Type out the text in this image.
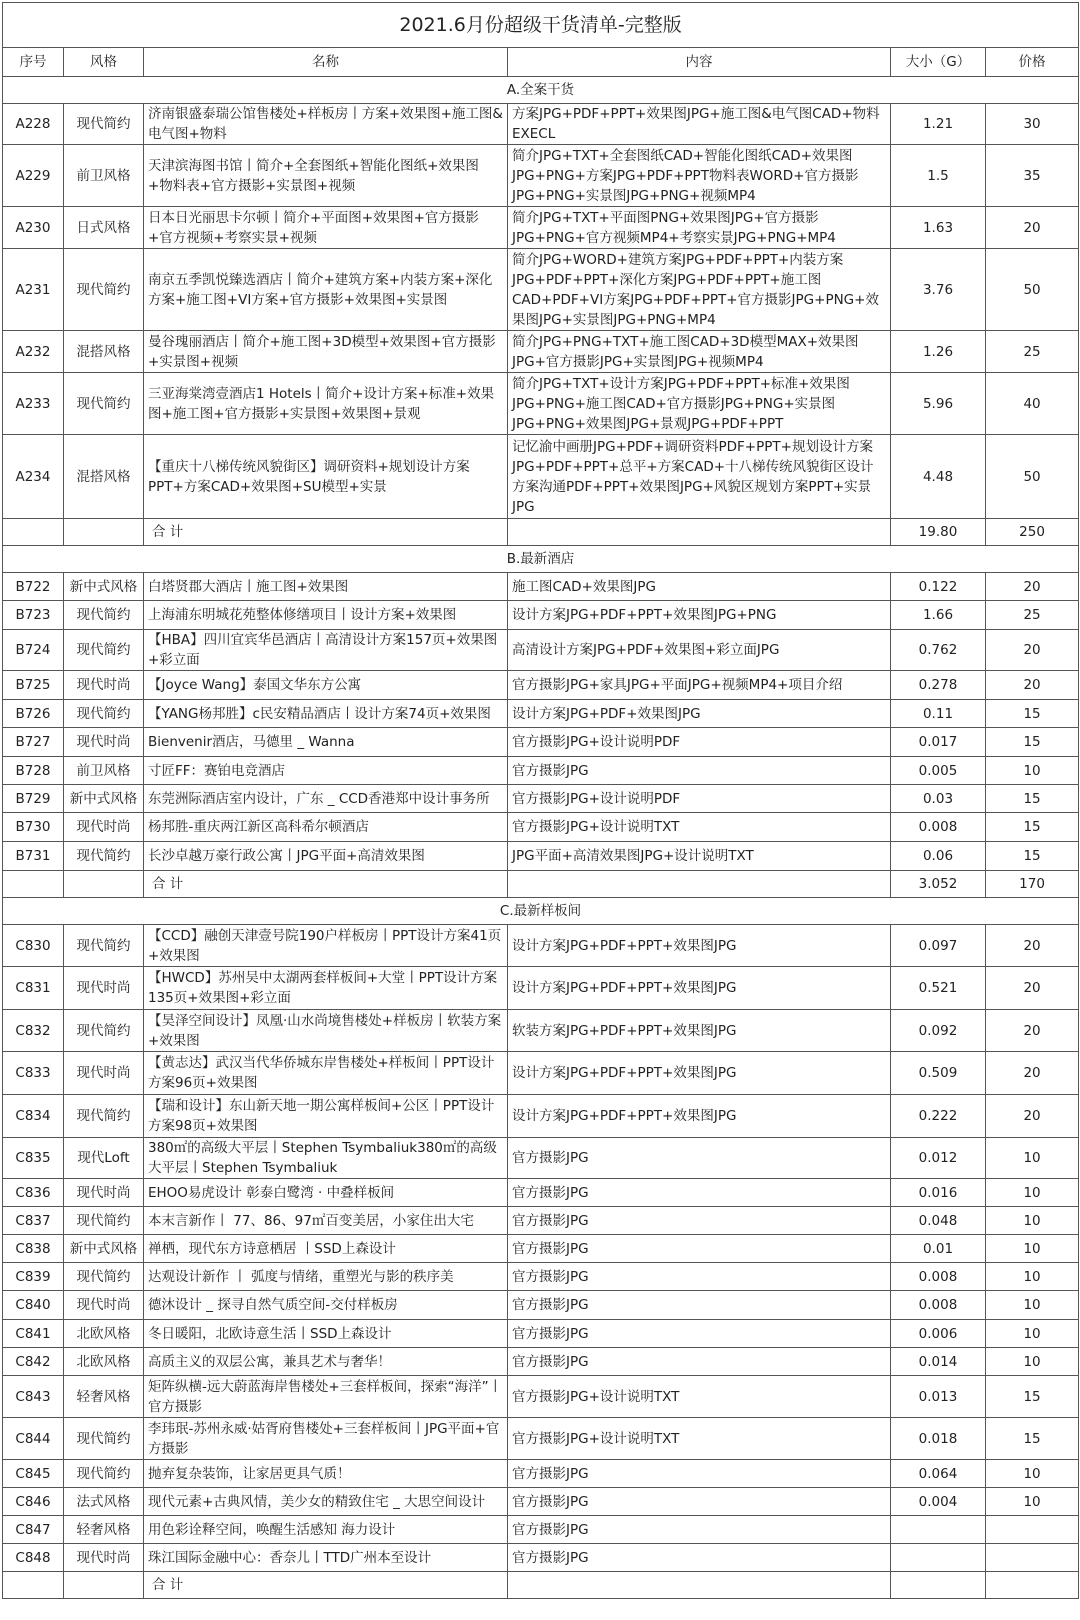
2021.6月份超级干货清单-完整版					
序号	风格	名称	内容	大小（G）	价格
A.全案干货					
A228	现代简约	济南银盛泰瑞公馆售楼处+样板房丨方案+效果图+施工图&电气图+物料	方案JPG+PDF+PPT+效果图JPG+施工图&电气图CAD+物料EXECL	1.21	30
A229	前卫风格	天津滨海图书馆丨简介+全套图纸+智能化图纸+效果图+物料表+官方摄影+实景图+视频	简介JPG+TXT+全套图纸CAD+智能化图纸CAD+效果图JPG+PNG+方案JPG+PDF+PPT物料表WORD+官方摄影JPG+PNG+实景图JPG+PNG+视频MP4	1.5	35
A230	日式风格	日本日光丽思卡尔顿丨简介+平面图+效果图+官方摄影+官方视频+考察实景+视频	简介JPG+TXT+平面图PNG+效果图JPG+官方摄影JPG+PNG+官方视频MP4+考察实景JPG+PNG+MP4	1.63	20
A231	现代简约	南京五季凯悦臻选酒店丨简介+建筑方案+内装方案+深化方案+施工图+VI方案+官方摄影+效果图+实景图	简介JPG+WORD+建筑方案JPG+PDF+PPT+内装方案JPG+PDF+PPT+深化方案JPG+PDF+PPT+施工图CAD+PDF+VI方案JPG+PDF+PPT+官方摄影JPG+PNG+效果图JPG+实景图JPG+PNG+MP4	3.76	50
A232	混搭风格	曼谷瑰丽酒店丨简介+施工图+3D模型+效果图+官方摄影+实景图+视频	简介JPG+PNG+TXT+施工图CAD+3D模型MAX+效果图JPG+官方摄影JPG+实景图JPG+视频MP4	1.26	25
A233	现代简约	三亚海棠湾壹酒店1 Hotels丨简介+设计方案+标准+效果图+施工图+官方摄影+实景图+效果图+景观	简介JPG+TXT+设计方案JPG+PDF+PPT+标准+效果图JPG+PNG+施工图CAD+官方摄影JPG+PNG+实景图JPG+PNG+效果图JPG+景观JPG+PDF+PPT	5.96	40
A234	混搭风格	【重庆十八梯传统风貌街区】调研资料+规划设计方案PPT+方案CAD+效果图+SU模型+实景	记忆渝中画册JPG+PDF+调研资料PDF+PPT+规划设计方案JPG+PDF+PPT+总平+方案CAD+十八梯传统风貌街区设计方案沟通PDF+PPT+效果图JPG+风貌区规划方案PPT+实景JPG	4.48	50
		合 计		19.80	250
B.最新酒店					
B722	新中式风格	白塔贤郡大酒店丨施工图+效果图	施工图CAD+效果图JPG	0.122	20
B723	现代简约	上海浦东明城花苑整体修缮项目丨设计方案+效果图	设计方案JPG+PDF+PPT+效果图JPG+PNG	1.66	25
B724	现代简约	【HBA】四川宜宾华邑酒店丨高清设计方案157页+效果图+彩立面	高清设计方案JPG+PDF+效果图+彩立面JPG	0.762	20
B725	现代时尚	【Joyce Wang】泰国文华东方公寓	官方摄影JPG+家具JPG+平面JPG+视频MP4+项目介绍	0.278	20
B726	现代简约	【YANG杨邦胜】c民安精品酒店丨设计方案74页+效果图	设计方案JPG+PDF+效果图JPG	0.11	15
B727	现代时尚	Bienvenir酒店，马德里 _ Wanna	官方摄影JPG+设计说明PDF	0.017	15
B728	前卫风格	寸匠FF：赛铂电竞酒店	官方摄影JPG	0.005	10
B729	新中式风格	东莞洲际酒店室内设计，广东 _ CCD香港郑中设计事务所	官方摄影JPG+设计说明PDF	0.03	15
B730	现代时尚	杨邦胜-重庆两江新区高科希尔顿酒店	官方摄影JPG+设计说明TXT	0.008	15
B731	现代简约	长沙卓越万豪行政公寓丨JPG平面+高清效果图	JPG平面+高清效果图JPG+设计说明TXT	0.06	15
		合 计		3.052	170
C.最新样板间					
C830	现代简约	【CCD】融创天津壹号院190户样板房丨PPT设计方案41页+效果图	设计方案JPG+PDF+PPT+效果图JPG	0.097	20
C831	现代时尚	【HWCD】苏州吴中太湖两套样板间+大堂丨PPT设计方案135页+效果图+彩立面	设计方案JPG+PDF+PPT+效果图JPG	0.521	20
C832	现代简约	【昊泽空间设计】凤凰·山水尚境售楼处+样板房丨软装方案+效果图	软装方案JPG+PDF+PPT+效果图JPG	0.092	20
C833	现代时尚	【黄志达】武汉当代华侨城东岸售楼处+样板间丨PPT设计方案96页+效果图	设计方案JPG+PDF+PPT+效果图JPG	0.509	20
C834	现代简约	【瑞和设计】东山新天地一期公寓样板间+公区丨PPT设计方案98页+效果图	设计方案JPG+PDF+PPT+效果图JPG	0.222	20
C835	现代Loft	380㎡的高级大平层丨Stephen Tsymbaliuk380㎡的高级大平层丨Stephen Tsymbaliuk	官方摄影JPG	0.012	10
C836	现代时尚	EHOO易虎设计 彰泰白鹭湾 · 中叠样板间	官方摄影JPG	0.016	10
C837	现代简约	本末言新作丨 77、86、97㎡百变美居，小家住出大宅	官方摄影JPG	0.048	10
C838	新中式风格	禅栖，现代东方诗意栖居 丨SSD上森设计	官方摄影JPG	0.01	10
C839	现代简约	达观设计新作 丨 弧度与情绪，重塑光与影的秩序美	官方摄影JPG	0.008	10
C840	现代时尚	德沐设计 _ 探寻自然气质空间-交付样板房	官方摄影JPG	0.008	10
C841	北欧风格	冬日暖阳，北欧诗意生活丨SSD上森设计	官方摄影JPG	0.006	10
C842	北欧风格	高质主义的双层公寓，兼具艺术与奢华！	官方摄影JPG	0.014	10
C843	轻奢风格	矩阵纵横-远大蔚蓝海岸售楼处+三套样板间，探索“海洋”丨官方摄影	官方摄影JPG+设计说明TXT	0.013	15
C844	现代简约	李玮珉-苏州永威·姑胥府售楼处+三套样板间丨JPG平面+官方摄影	官方摄影JPG+设计说明TXT	0.018	15
C845	现代简约	抛弃复杂装饰，让家居更具气质！	官方摄影JPG	0.064	10
C846	法式风格	现代元素+古典风情，美少女的精致住宅 _ 大思空间设计	官方摄影JPG	0.004	10
C847	轻奢风格	用色彩诠释空间，唤醒生活感知 海力设计	官方摄影JPG		
C848	现代时尚	珠江国际金融中心：香奈儿丨TTD广州本至设计	官方摄影JPG		
		合 计			
